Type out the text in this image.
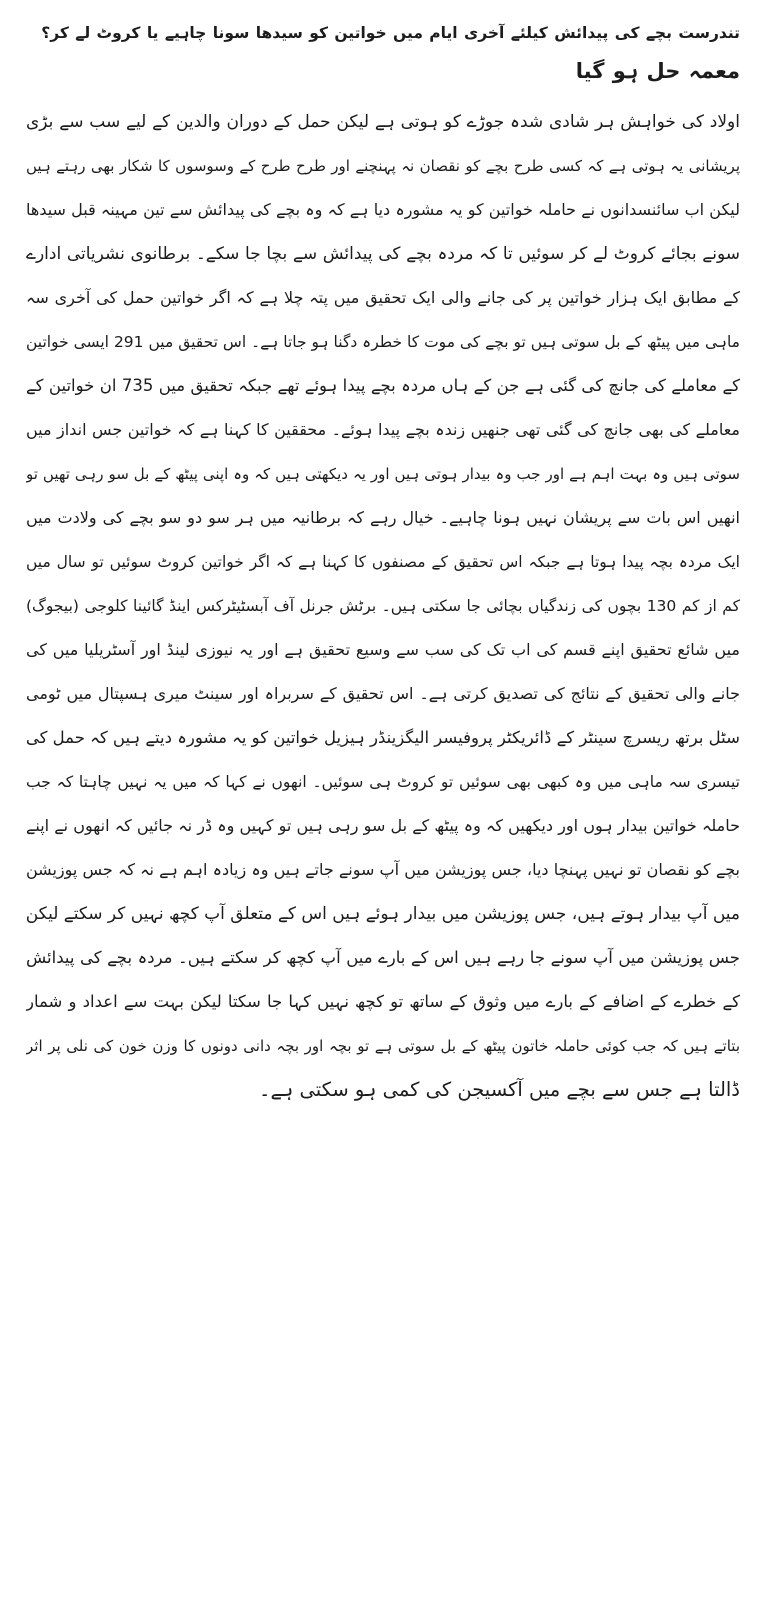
تندرست بچے کی پیدائش کیلئے آخری ایام میں خواتین کو سیدھا سونا چاہیے یا کروٹ لے کر؟
معمہ حل ہو گیا
اولاد کی خواہش ہر شادی شدہ جوڑے کو ہوتی ہے لیکن حمل کے دوران والدین کے لیے سب سے بڑی
پریشانی یہ ہوتی ہے کہ کسی طرح بچے کو نقصان نہ پہنچنے اور طرح طرح کے وسوسوں کا شکار بھی رہتے ہیں
لیکن اب سائنسدانوں نے حاملہ خواتین کو یہ مشورہ دیا ہے کہ وہ بچے کی پیدائش سے تین مہینہ قبل سیدھا
سونے بجائے کروٹ لے کر سوئیں تا کہ مردہ بچے کی پیدائش سے بچا جا سکے۔ برطانوی نشریاتی ادارے
کے مطابق ایک ہزار خواتین پر کی جانے والی ایک تحقیق میں پتہ چلا ہے کہ اگر خواتین حمل کی آخری سہ
ماہی میں پیٹھ کے بل سوتی ہیں تو بچے کی موت کا خطرہ دگنا ہو جاتا ہے۔ اس تحقیق میں 291 ایسی خواتین
کے معاملے کی جانچ کی گئی ہے جن کے ہاں مردہ بچے پیدا ہوئے تھے جبکہ تحقیق میں 735 ان خواتین کے
معاملے کی بھی جانچ کی گئی تھی جنھیں زندہ بچے پیدا ہوئے۔ محققین کا کہنا ہے کہ خواتین جس انداز میں
سوتی ہیں وہ بہت اہم ہے اور جب وہ بیدار ہوتی ہیں اور یہ دیکھتی ہیں کہ وہ اپنی پیٹھ کے بل سو رہی تھیں تو
انھیں اس بات سے پریشان نہیں ہونا چاہیے۔ خیال رہے کہ برطانیہ میں ہر سو دو سو بچے کی ولادت میں
ایک مردہ بچہ پیدا ہوتا ہے جبکہ اس تحقیق کے مصنفوں کا کہنا ہے کہ اگر خواتین کروٹ سوئیں تو سال میں
کم از کم 130 بچوں کی زندگیاں بچائی جا سکتی ہیں۔ برٹش جرنل آف آبسٹیٹرکس اینڈ گائینا کلوجی (بیجوگ)
میں شائع تحقیق اپنے قسم کی اب تک کی سب سے وسیع تحقیق ہے اور یہ نیوزی لینڈ اور آسٹریلیا میں کی
جانے والی تحقیق کے نتائج کی تصدیق کرتی ہے۔ اس تحقیق کے سربراہ اور سینٹ میری ہسپتال میں ٹومی
سٹل برتھ ریسرچ سینٹر کے ڈائریکٹر پروفیسر الیگزینڈر ہیزیل خواتین کو یہ مشورہ دیتے ہیں کہ حمل کی
تیسری سہ ماہی میں وہ کبھی بھی سوئیں تو کروٹ ہی سوئیں۔ انھوں نے کہا کہ میں یہ نہیں چاہتا کہ جب
حاملہ خواتین بیدار ہوں اور دیکھیں کہ وہ پیٹھ کے بل سو رہی ہیں تو کہیں وہ ڈر نہ جائیں کہ انھوں نے اپنے
بچے کو نقصان تو نہیں پہنچا دیا، جس پوزیشن میں آپ سونے جاتے ہیں وہ زیادہ اہم ہے نہ کہ جس پوزیشن
میں آپ بیدار ہوتے ہیں، جس پوزیشن میں بیدار ہوئے ہیں اس کے متعلق آپ کچھ نہیں کر سکتے لیکن
جس پوزیشن میں آپ سونے جا رہے ہیں اس کے بارے میں آپ کچھ کر سکتے ہیں۔ مردہ بچے کی پیدائش
کے خطرے کے اضافے کے بارے میں وثوق کے ساتھ تو کچھ نہیں کہا جا سکتا لیکن بہت سے اعداد و شمار
بتاتے ہیں کہ جب کوئی حاملہ خاتون پیٹھ کے بل سوتی ہے تو بچہ اور بچہ دانی دونوں کا وزن خون کی نلی پر اثر
ڈالتا ہے جس سے بچے میں آکسیجن کی کمی ہو سکتی ہے۔
